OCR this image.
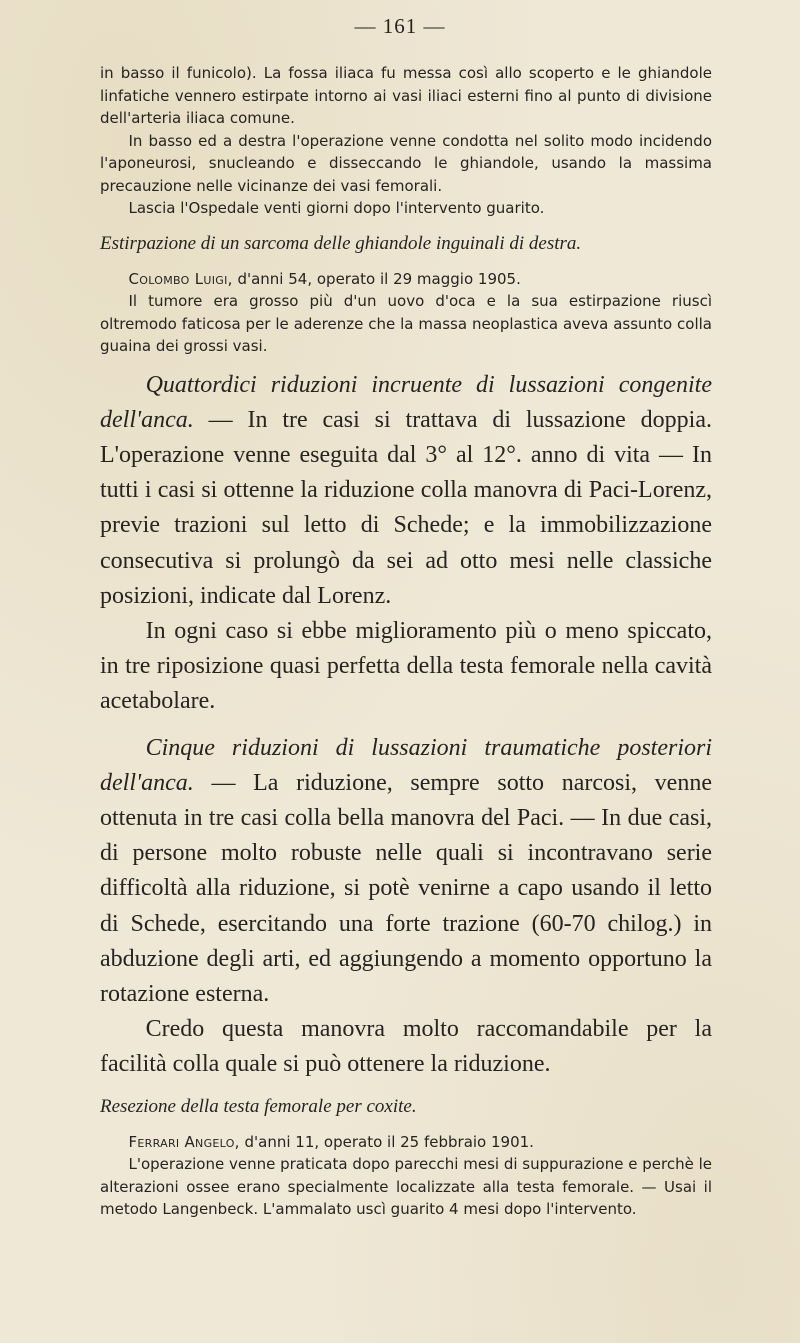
— 161 —

in basso il funicolo). La fossa iliaca fu messa così allo scoperto e le ghiandole linfatiche vennero estirpate intorno ai vasi iliaci esterni fino al punto di divisione dell'arteria iliaca comune.

In basso ed a destra l'operazione venne condotta nel solito modo incidendo l'aponeurosi, snucleando e disseccando le ghiandole, usando la massima precauzione nelle vicinanze dei vasi femorali.

Lascia l'Ospedale venti giorni dopo l'intervento guarito.

Estirpazione di un sarcoma delle ghiandole inguinali di destra.

Colombo Luigi, d'anni 54, operato il 29 maggio 1905.

Il tumore era grosso più d'un uovo d'oca e la sua estirpazione riuscì oltremodo faticosa per le aderenze che la massa neoplastica aveva assunto colla guaina dei grossi vasi.

Quattordici riduzioni incruente di lussazioni congenite dell'anca. — In tre casi si trattava di lussazione doppia. L'operazione venne eseguita dal 3° al 12°. anno di vita — In tutti i casi si ottenne la riduzione colla manovra di Paci-Lorenz, previe trazioni sul letto di Schede; e la immobilizzazione consecutiva si prolungò da sei ad otto mesi nelle classiche posizioni, indicate dal Lorenz.

In ogni caso si ebbe miglioramento più o meno spiccato, in tre riposizione quasi perfetta della testa femorale nella cavità acetabolare.

Cinque riduzioni di lussazioni traumatiche posteriori dell'anca. — La riduzione, sempre sotto narcosi, venne ottenuta in tre casi colla bella manovra del Paci. — In due casi, di persone molto robuste nelle quali si incontravano serie difficoltà alla riduzione, si potè venirne a capo usando il letto di Schede, esercitando una forte trazione (60-70 chilog.) in abduzione degli arti, ed aggiungendo a momento opportuno la rotazione esterna.

Credo questa manovra molto raccomandabile per la facilità colla quale si può ottenere la riduzione.

Resezione della testa femorale per coxite.

Ferrari Angelo, d'anni 11, operato il 25 febbraio 1901.

L'operazione venne praticata dopo parecchi mesi di suppurazione e perchè le alterazioni ossee erano specialmente localizzate alla testa femorale. — Usai il metodo Langenbeck. L'ammalato uscì guarito 4 mesi dopo l'intervento.
